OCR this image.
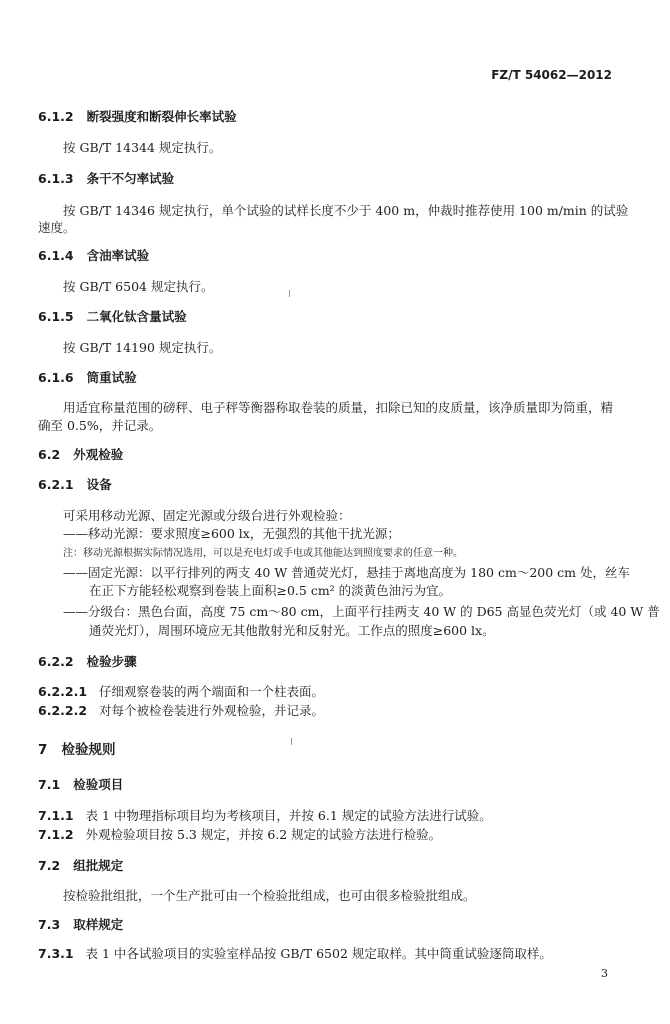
FZ/T 54062—2012
6.1.2 断裂强度和断裂伸长率试验
按 GB/T 14344 规定执行。
6.1.3 条干不匀率试验
按 GB/T 14346 规定执行，单个试验的试样长度不少于 400 m，仲裁时推荐使用 100 m/min 的试验
速度。
6.1.4 含油率试验
按 GB/T 6504 规定执行。
6.1.5 二氧化钛含量试验
按 GB/T 14190 规定执行。
6.1.6 筒重试验
用适宜称量范围的磅秤、电子秤等衡器称取卷装的质量，扣除已知的皮质量，该净质量即为筒重，精
确至 0.5%，并记录。
6.2 外观检验
6.2.1 设备
可采用移动光源、固定光源或分级台进行外观检验：
——移动光源：要求照度≥600 lx，无强烈的其他干扰光源；
注：移动光源根据实际情况选用，可以是充电灯或手电或其他能达到照度要求的任意一种。
——固定光源：以平行排列的两支 40 W 普通荧光灯，悬挂于离地高度为 180 cm～200 cm 处，丝车
在正下方能轻松观察到卷装上面积≥0.5 cm² 的淡黄色油污为宜。
——分级台：黑色台面，高度 75 cm～80 cm，上面平行挂两支 40 W 的 D65 高显色荧光灯（或 40 W 普
通荧光灯），周围环境应无其他散射光和反射光。工作点的照度≥600 lx。
6.2.2 检验步骤
6.2.2.1 仔细观察卷装的两个端面和一个柱表面。
6.2.2.2 对每个被检卷装进行外观检验，并记录。
7 检验规则
7.1 检验项目
7.1.1 表 1 中物理指标项目均为考核项目，并按 6.1 规定的试验方法进行试验。
7.1.2 外观检验项目按 5.3 规定，并按 6.2 规定的试验方法进行检验。
7.2 组批规定
按检验批组批，一个生产批可由一个检验批组成，也可由很多检验批组成。
7.3 取样规定
7.3.1 表 1 中各试验项目的实验室样品按 GB/T 6502 规定取样。其中筒重试验逐筒取样。
3
